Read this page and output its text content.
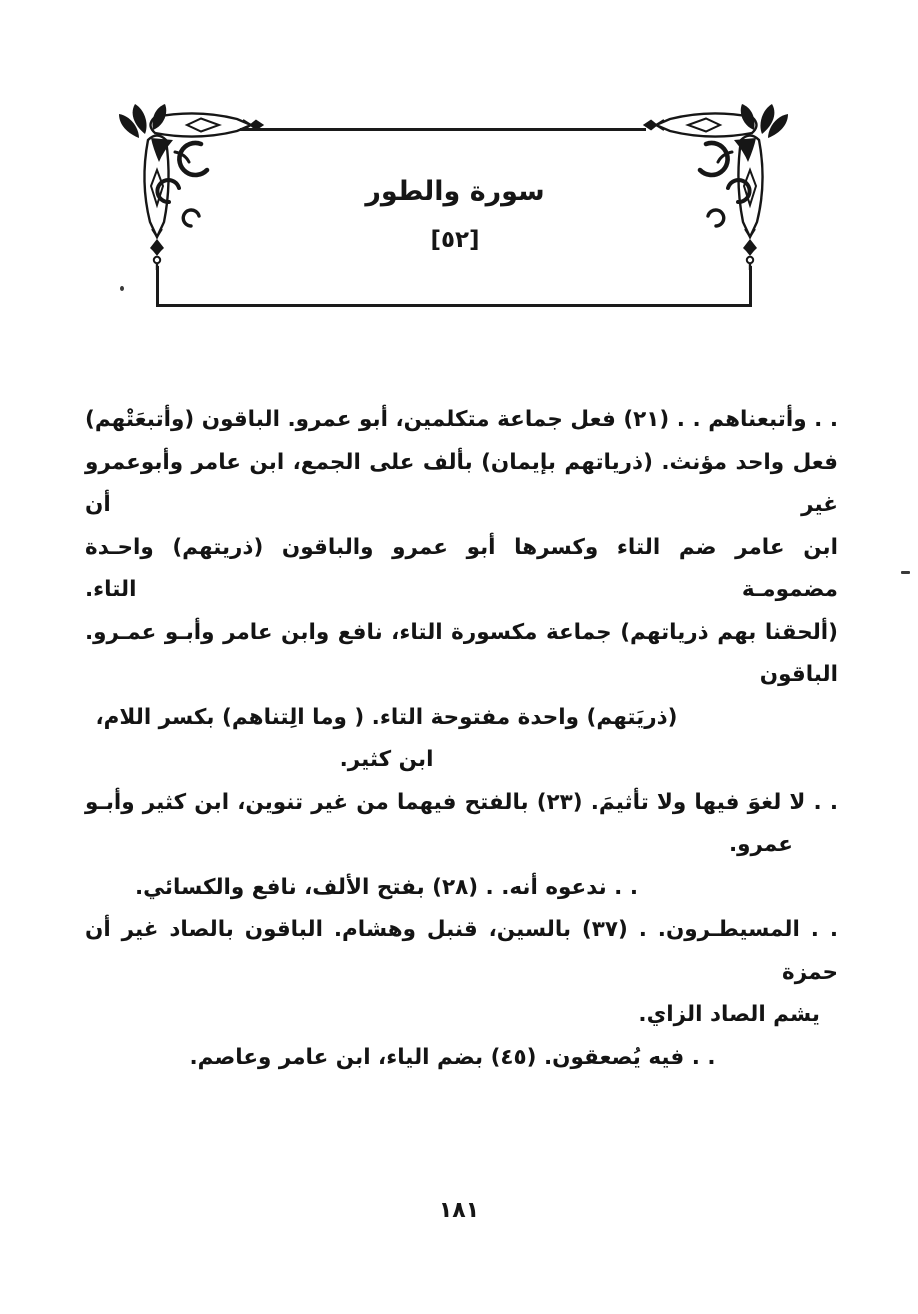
سورة والطور
[٥٢]
. . وأتبعناهم . . (٢١) فعل جماعة متكلمين، أبو عمرو. الباقون (وأتبعَتْهم)
فعل واحد مؤنث. (ذرياتهم بإيمان) بألف على الجمع، ابن عامر وأبوعمرو غير أن
ابن عامر ضم التاء وكسرها أبو عمرو والباقون (ذريتهم) واحـدة مضمومـة التاء.
(ألحقنا بهم ذرياتهم) جماعة مكسورة التاء، نافع وابن عامر وأبـو عمـرو. الباقون
(ذريَتهم) واحدة مفتوحة التاء. ( وما الِتناهم) بكسر اللام، ابن كثير.
. . لا لغوَ فيها ولا تأثيمَ. (٢٣) بالفتح فيهما من غير تنوين، ابن كثير وأبـو
عمرو.
. . ندعوه أنه. . (٢٨) بفتح الألف، نافع والكسائي.
. . المسيطـرون. . (٣٧) بالسين، قنبل وهشام. الباقون بالصاد غير أن حمزة
يشم الصاد الزاي.
. . فيه يُصعقون. (٤٥) بضم الياء، ابن عامر وعاصم.
١٨١
